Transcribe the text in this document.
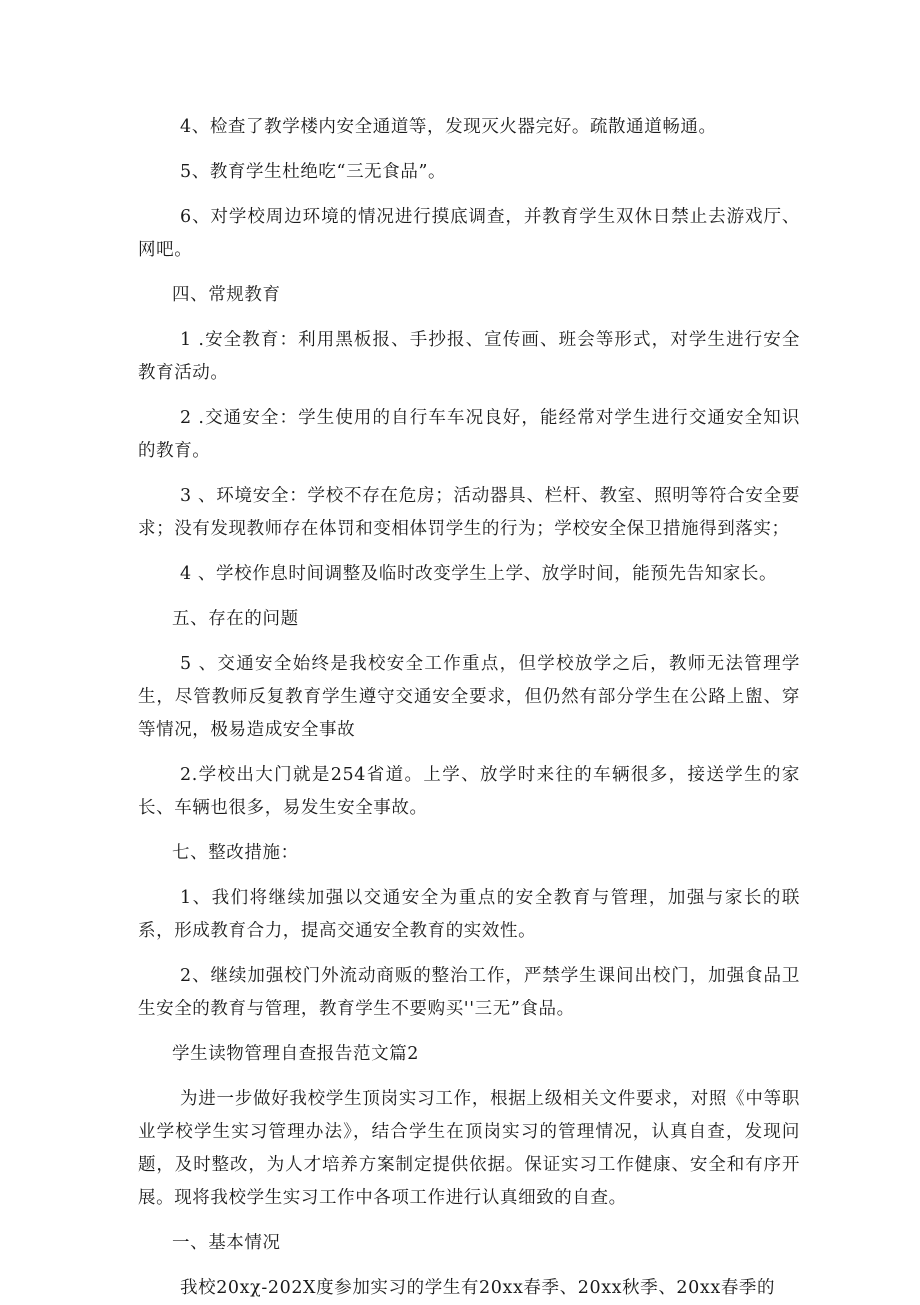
4、检查了教学楼内安全通道等，发现灭火器完好。疏散通道畅通。

5、教育学生杜绝吃“三无食品”。

6、对学校周边环境的情况进行摸底调查，并教育学生双休日禁止去游戏厅、网吧。

四、常规教育

1 .安全教育：利用黑板报、手抄报、宣传画、班会等形式，对学生进行安全教育活动。

2 .交通安全：学生使用的自行车车况良好，能经常对学生进行交通安全知识的教育。

3 、环境安全：学校不存在危房；活动器具、栏杆、教室、照明等符合安全要求；没有发现教师存在体罚和变相体罚学生的行为；学校安全保卫措施得到落实；

4 、学校作息时间调整及临时改变学生上学、放学时间，能预先告知家长。

五、存在的问题

5 、交通安全始终是我校安全工作重点，但学校放学之后，教师无法管理学生，尽管教师反复教育学生遵守交通安全要求，但仍然有部分学生在公路上盥、穿等情况，极易造成安全事故

2.学校出大门就是254省道。上学、放学时来往的车辆很多，接送学生的家长、车辆也很多，易发生安全事故。

七、整改措施：

1、我们将继续加强以交通安全为重点的安全教育与管理，加强与家长的联系，形成教育合力，提高交通安全教育的实效性。

2、继续加强校门外流动商贩的整治工作，严禁学生课间出校门，加强食品卫生安全的教育与管理，教育学生不要购买''三无”食品。

学生读物管理自查报告范文篇2

为进一步做好我校学生顶岗实习工作，根据上级相关文件要求，对照《中等职业学校学生实习管理办法》，结合学生在顶岗实习的管理情况，认真自查，发现问题，及时整改，为人才培养方案制定提供依据。保证实习工作健康、安全和有序开展。现将我校学生实习工作中各项工作进行认真细致的自查。

一、基本情况

我校20xχ-202X度参加实习的学生有20xx春季、20xx秋季、20xx春季的
